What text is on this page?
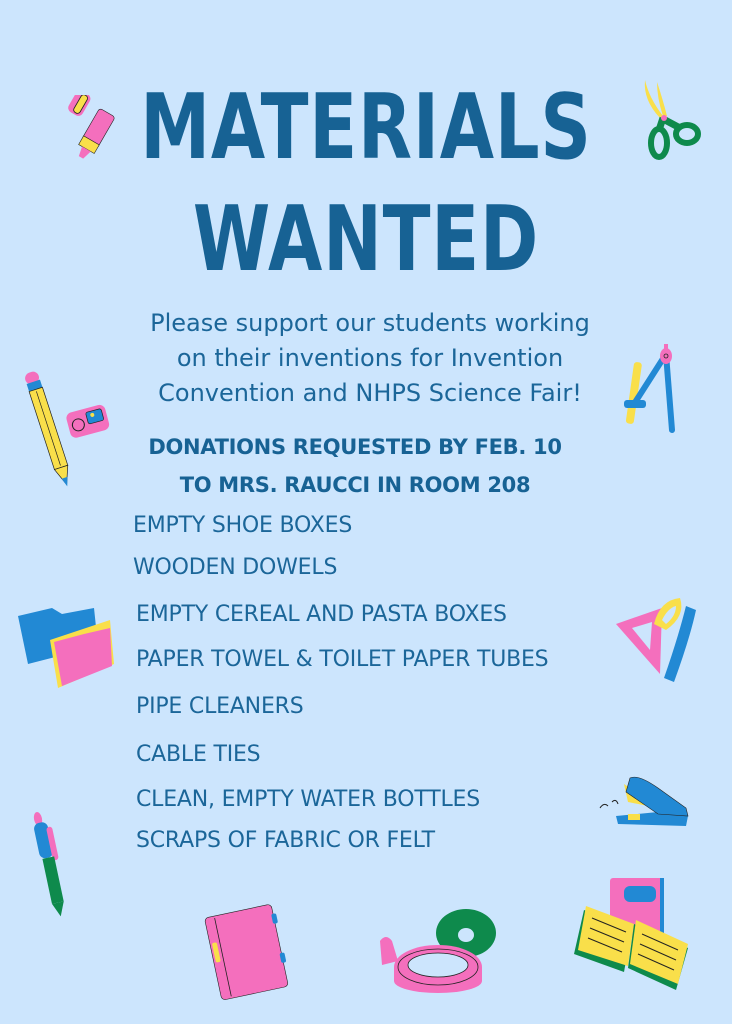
MATERIALS
WANTED
Please support our students working
on their inventions for Invention
Convention and NHPS Science Fair!
DONATIONS REQUESTED BY FEB. 10
TO MRS. RAUCCI IN ROOM 208
EMPTY SHOE BOXES
WOODEN DOWELS
EMPTY CEREAL AND PASTA BOXES
PAPER TOWEL & TOILET PAPER TUBES
PIPE CLEANERS
CABLE TIES
CLEAN, EMPTY WATER BOTTLES
SCRAPS OF FABRIC OR FELT
